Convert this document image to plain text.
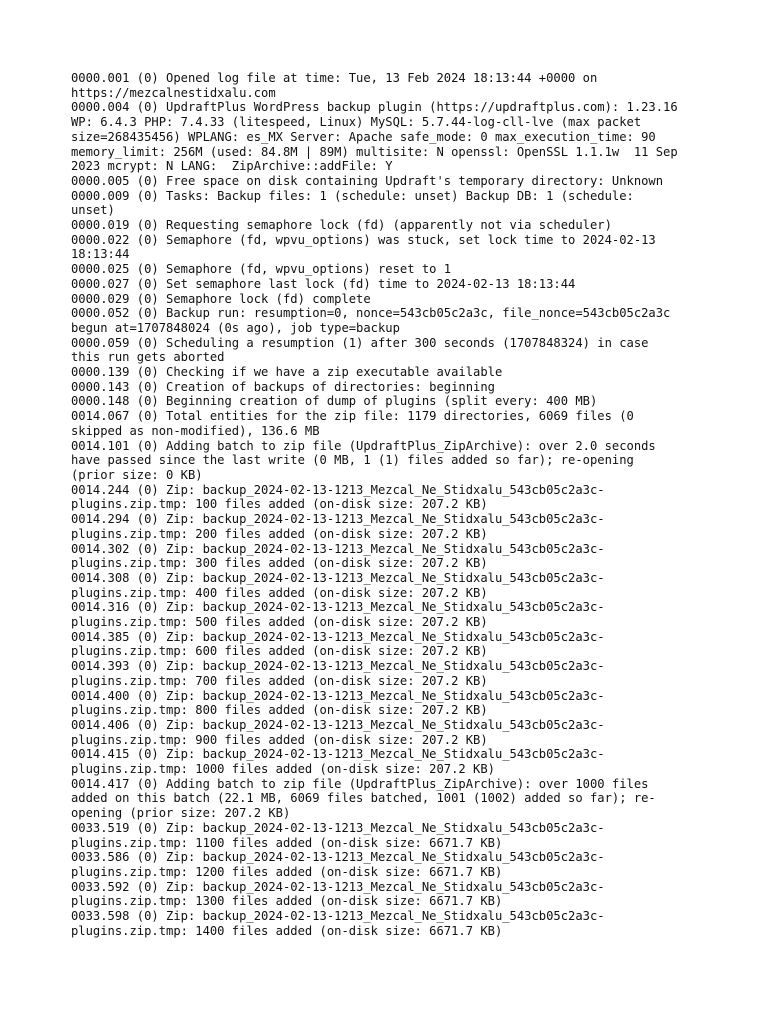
0000.001 (0) Opened log file at time: Tue, 13 Feb 2024 18:13:44 +0000 on
https://mezcalnestidxalu.com
0000.004 (0) UpdraftPlus WordPress backup plugin (https://updraftplus.com): 1.23.16
WP: 6.4.3 PHP: 7.4.33 (litespeed, Linux) MySQL: 5.7.44-log-cll-lve (max packet
size=268435456) WPLANG: es_MX Server: Apache safe_mode: 0 max_execution_time: 90
memory_limit: 256M (used: 84.8M | 89M) multisite: N openssl: OpenSSL 1.1.1w  11 Sep
2023 mcrypt: N LANG:  ZipArchive::addFile: Y
0000.005 (0) Free space on disk containing Updraft's temporary directory: Unknown
0000.009 (0) Tasks: Backup files: 1 (schedule: unset) Backup DB: 1 (schedule:
unset)
0000.019 (0) Requesting semaphore lock (fd) (apparently not via scheduler)
0000.022 (0) Semaphore (fd, wpvu_options) was stuck, set lock time to 2024-02-13
18:13:44
0000.025 (0) Semaphore (fd, wpvu_options) reset to 1
0000.027 (0) Set semaphore last lock (fd) time to 2024-02-13 18:13:44
0000.029 (0) Semaphore lock (fd) complete
0000.052 (0) Backup run: resumption=0, nonce=543cb05c2a3c, file_nonce=543cb05c2a3c
begun at=1707848024 (0s ago), job type=backup
0000.059 (0) Scheduling a resumption (1) after 300 seconds (1707848324) in case
this run gets aborted
0000.139 (0) Checking if we have a zip executable available
0000.143 (0) Creation of backups of directories: beginning
0000.148 (0) Beginning creation of dump of plugins (split every: 400 MB)
0014.067 (0) Total entities for the zip file: 1179 directories, 6069 files (0
skipped as non-modified), 136.6 MB
0014.101 (0) Adding batch to zip file (UpdraftPlus_ZipArchive): over 2.0 seconds
have passed since the last write (0 MB, 1 (1) files added so far); re-opening
(prior size: 0 KB)
0014.244 (0) Zip: backup_2024-02-13-1213_Mezcal_Ne_Stidxalu_543cb05c2a3c-
plugins.zip.tmp: 100 files added (on-disk size: 207.2 KB)
0014.294 (0) Zip: backup_2024-02-13-1213_Mezcal_Ne_Stidxalu_543cb05c2a3c-
plugins.zip.tmp: 200 files added (on-disk size: 207.2 KB)
0014.302 (0) Zip: backup_2024-02-13-1213_Mezcal_Ne_Stidxalu_543cb05c2a3c-
plugins.zip.tmp: 300 files added (on-disk size: 207.2 KB)
0014.308 (0) Zip: backup_2024-02-13-1213_Mezcal_Ne_Stidxalu_543cb05c2a3c-
plugins.zip.tmp: 400 files added (on-disk size: 207.2 KB)
0014.316 (0) Zip: backup_2024-02-13-1213_Mezcal_Ne_Stidxalu_543cb05c2a3c-
plugins.zip.tmp: 500 files added (on-disk size: 207.2 KB)
0014.385 (0) Zip: backup_2024-02-13-1213_Mezcal_Ne_Stidxalu_543cb05c2a3c-
plugins.zip.tmp: 600 files added (on-disk size: 207.2 KB)
0014.393 (0) Zip: backup_2024-02-13-1213_Mezcal_Ne_Stidxalu_543cb05c2a3c-
plugins.zip.tmp: 700 files added (on-disk size: 207.2 KB)
0014.400 (0) Zip: backup_2024-02-13-1213_Mezcal_Ne_Stidxalu_543cb05c2a3c-
plugins.zip.tmp: 800 files added (on-disk size: 207.2 KB)
0014.406 (0) Zip: backup_2024-02-13-1213_Mezcal_Ne_Stidxalu_543cb05c2a3c-
plugins.zip.tmp: 900 files added (on-disk size: 207.2 KB)
0014.415 (0) Zip: backup_2024-02-13-1213_Mezcal_Ne_Stidxalu_543cb05c2a3c-
plugins.zip.tmp: 1000 files added (on-disk size: 207.2 KB)
0014.417 (0) Adding batch to zip file (UpdraftPlus_ZipArchive): over 1000 files
added on this batch (22.1 MB, 6069 files batched, 1001 (1002) added so far); re-
opening (prior size: 207.2 KB)
0033.519 (0) Zip: backup_2024-02-13-1213_Mezcal_Ne_Stidxalu_543cb05c2a3c-
plugins.zip.tmp: 1100 files added (on-disk size: 6671.7 KB)
0033.586 (0) Zip: backup_2024-02-13-1213_Mezcal_Ne_Stidxalu_543cb05c2a3c-
plugins.zip.tmp: 1200 files added (on-disk size: 6671.7 KB)
0033.592 (0) Zip: backup_2024-02-13-1213_Mezcal_Ne_Stidxalu_543cb05c2a3c-
plugins.zip.tmp: 1300 files added (on-disk size: 6671.7 KB)
0033.598 (0) Zip: backup_2024-02-13-1213_Mezcal_Ne_Stidxalu_543cb05c2a3c-
plugins.zip.tmp: 1400 files added (on-disk size: 6671.7 KB)
